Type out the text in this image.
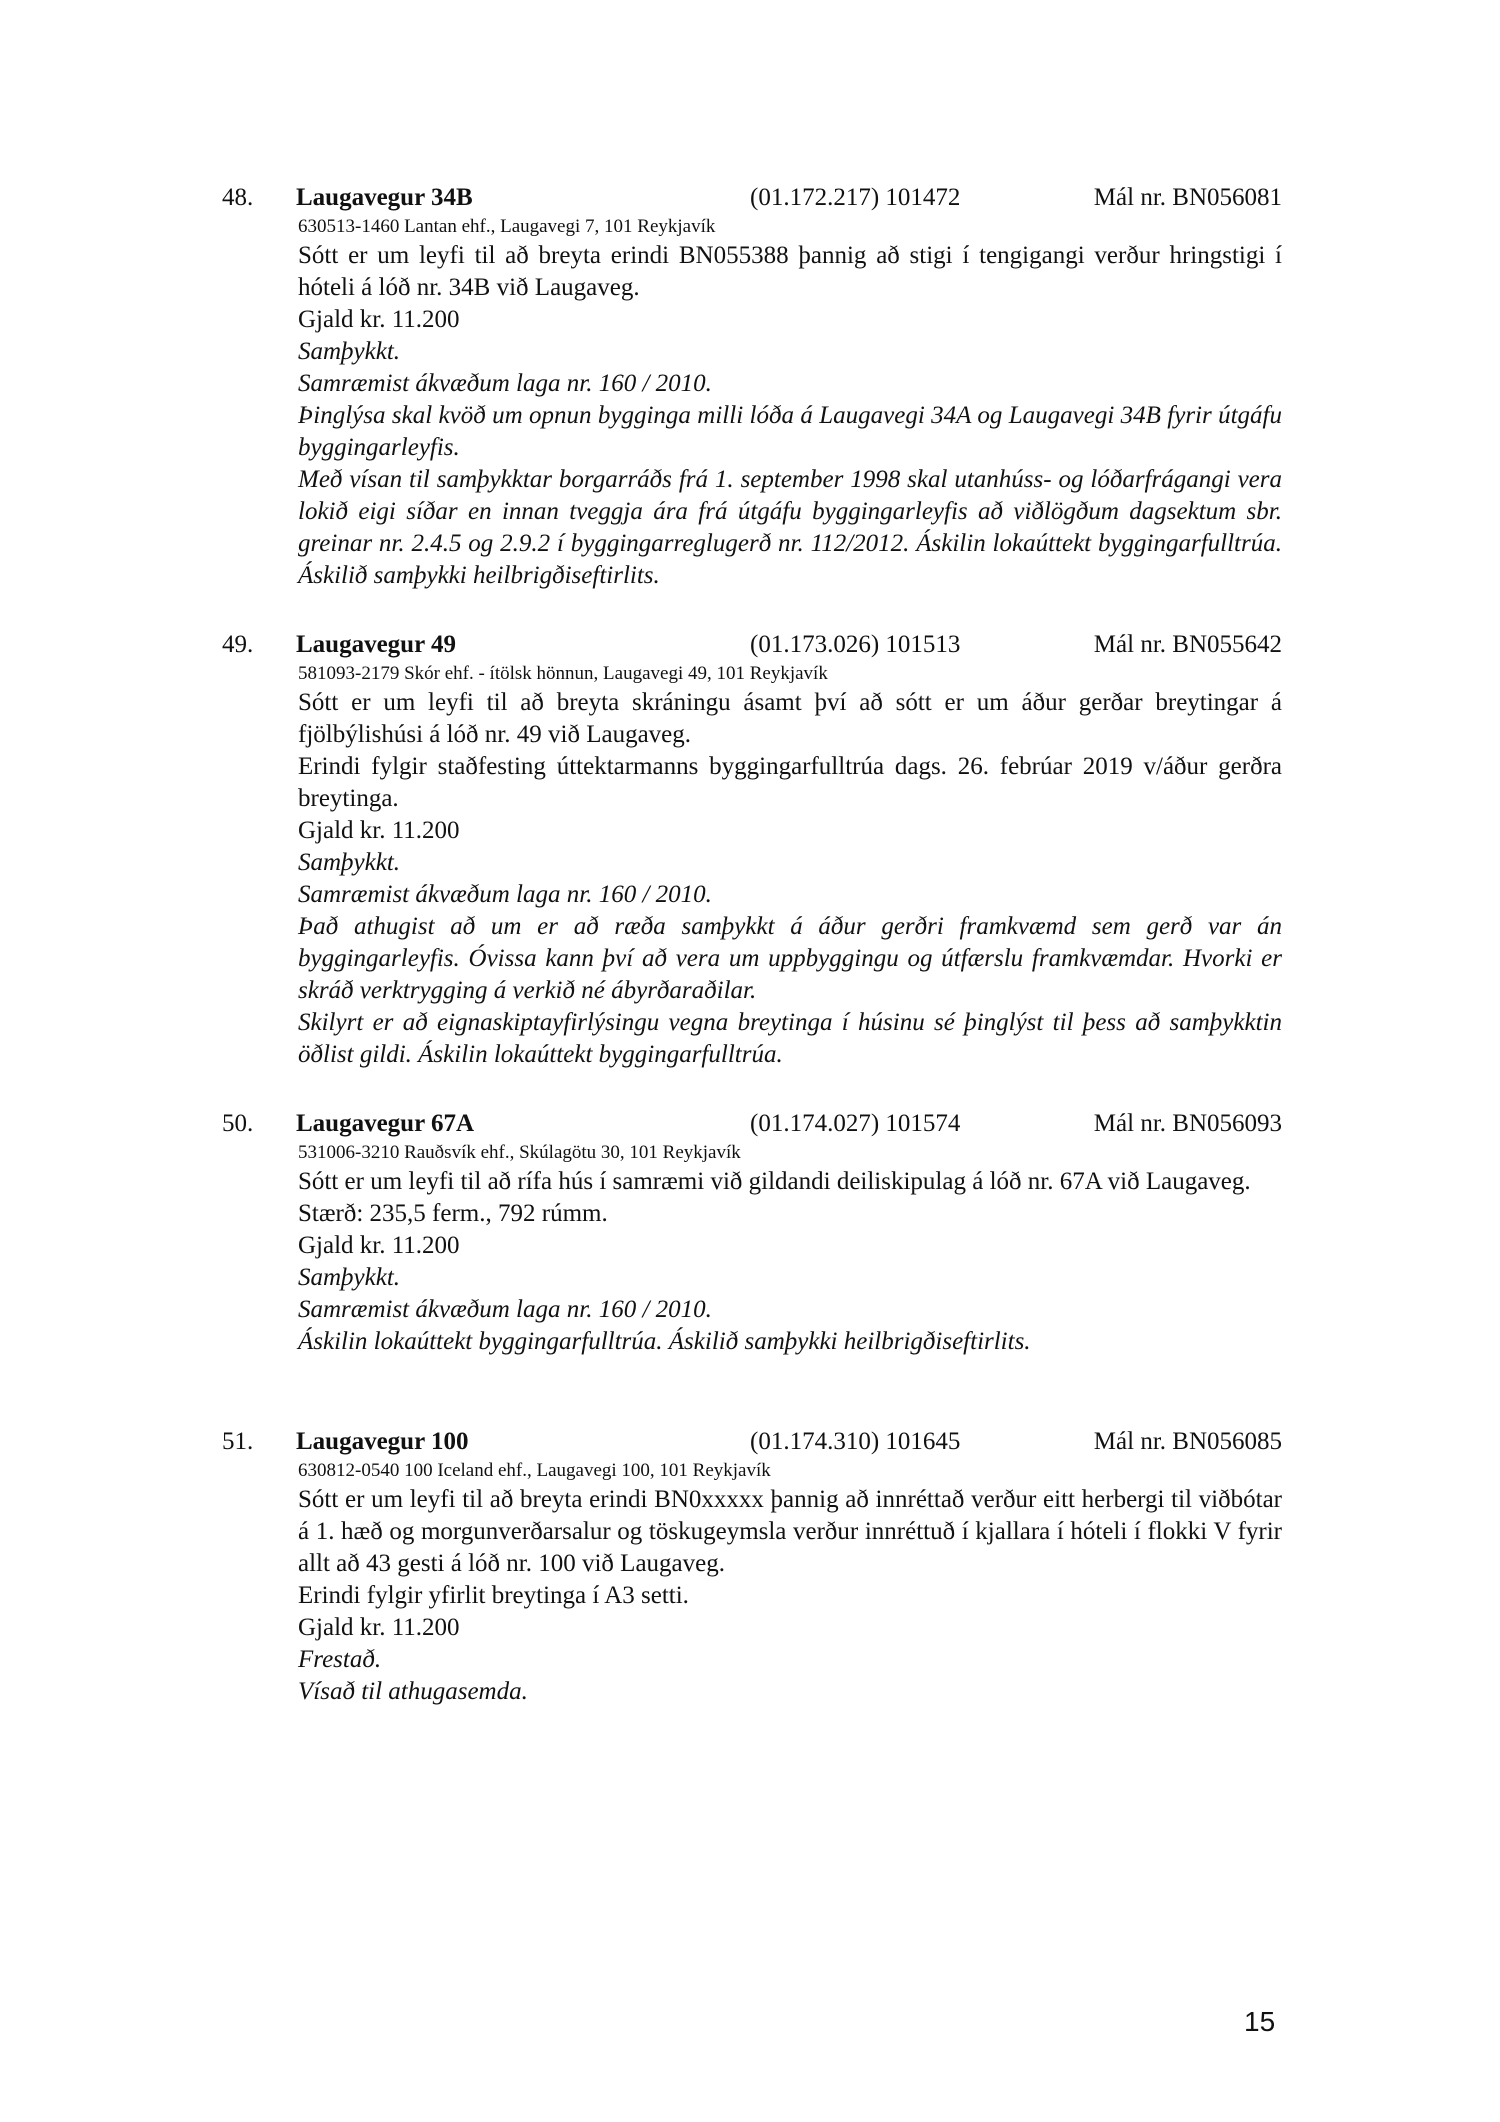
48. Laugavegur 34B	(01.172.217) 101472	Mál nr. BN056081
630513-1460 Lantan ehf., Laugavegi 7, 101 Reykjavík
Sótt er um leyfi til að breyta erindi BN055388 þannig að stigi í tengigangi verður hringstigi í hóteli á lóð nr. 34B við Laugaveg.
Gjald kr. 11.200
Samþykkt.
Samræmist ákvæðum laga nr. 160 / 2010.
Þinglýsa skal kvöð um opnun bygginga milli lóða á Laugavegi 34A og Laugavegi 34B fyrir útgáfu byggingarleyfis.
Með vísan til samþykktar borgarráðs frá 1. september 1998 skal utanhúss- og lóðarfrágangi vera lokið eigi síðar en innan tveggja ára frá útgáfu byggingarleyfis að viðlögðum dagsektum sbr. greinar nr. 2.4.5 og 2.9.2 í byggingarreglugerð nr. 112/2012. Áskilin lokaúttekt byggingarfulltrúa. Áskilið samþykki heilbrigðiseftirlits.
49. Laugavegur 49	(01.173.026) 101513	Mál nr. BN055642
581093-2179 Skór ehf. - ítölsk hönnun, Laugavegi 49, 101 Reykjavík
Sótt er um leyfi til að breyta skráningu ásamt því að sótt er um áður gerðar breytingar á fjölbýlishúsi á lóð nr. 49 við Laugaveg.
Erindi fylgir staðfesting úttektarmanns byggingarfulltrúa dags. 26. febrúar 2019 v/áður gerðra breytinga.
Gjald kr. 11.200
Samþykkt.
Samræmist ákvæðum laga nr. 160 / 2010.
Það athugist að um er að ræða samþykkt á áður gerðri framkvæmd sem gerð var án byggingarleyfis. Óvissa kann því að vera um uppbyggingu og útfærslu framkvæmdar. Hvorki er skráð verktrygging á verkið né ábyrðaraðilar.
Skilyrt er að eignaskiptayfirlýsingu vegna breytinga í húsinu sé þinglýst til þess að samþykktin öðlist gildi. Áskilin lokaúttekt byggingarfulltrúa.
50. Laugavegur 67A	(01.174.027) 101574	Mál nr. BN056093
531006-3210 Rauðsvík ehf., Skúlagötu 30, 101 Reykjavík
Sótt er um leyfi til að rífa hús í samræmi við gildandi deiliskipulag á lóð nr. 67A við Laugaveg.
Stærð: 235,5 ferm., 792 rúmm.
Gjald kr. 11.200
Samþykkt.
Samræmist ákvæðum laga nr. 160 / 2010.
Áskilin lokaúttekt byggingarfulltrúa. Áskilið samþykki heilbrigðiseftirlits.
51. Laugavegur 100	(01.174.310) 101645	Mál nr. BN056085
630812-0540 100 Iceland ehf., Laugavegi 100, 101 Reykjavík
Sótt er um leyfi til að breyta erindi BN0xxxxx þannig að innréttað verður eitt herbergi til viðbótar á 1. hæð og morgunverðarsalur og töskugeymsla verður innréttuð í kjallara í hóteli í flokki V fyrir allt að 43 gesti á lóð nr. 100 við Laugaveg.
Erindi fylgir yfirlit breytinga í A3 setti.
Gjald kr. 11.200
Frestað.
Vísað til athugasemda.
15
